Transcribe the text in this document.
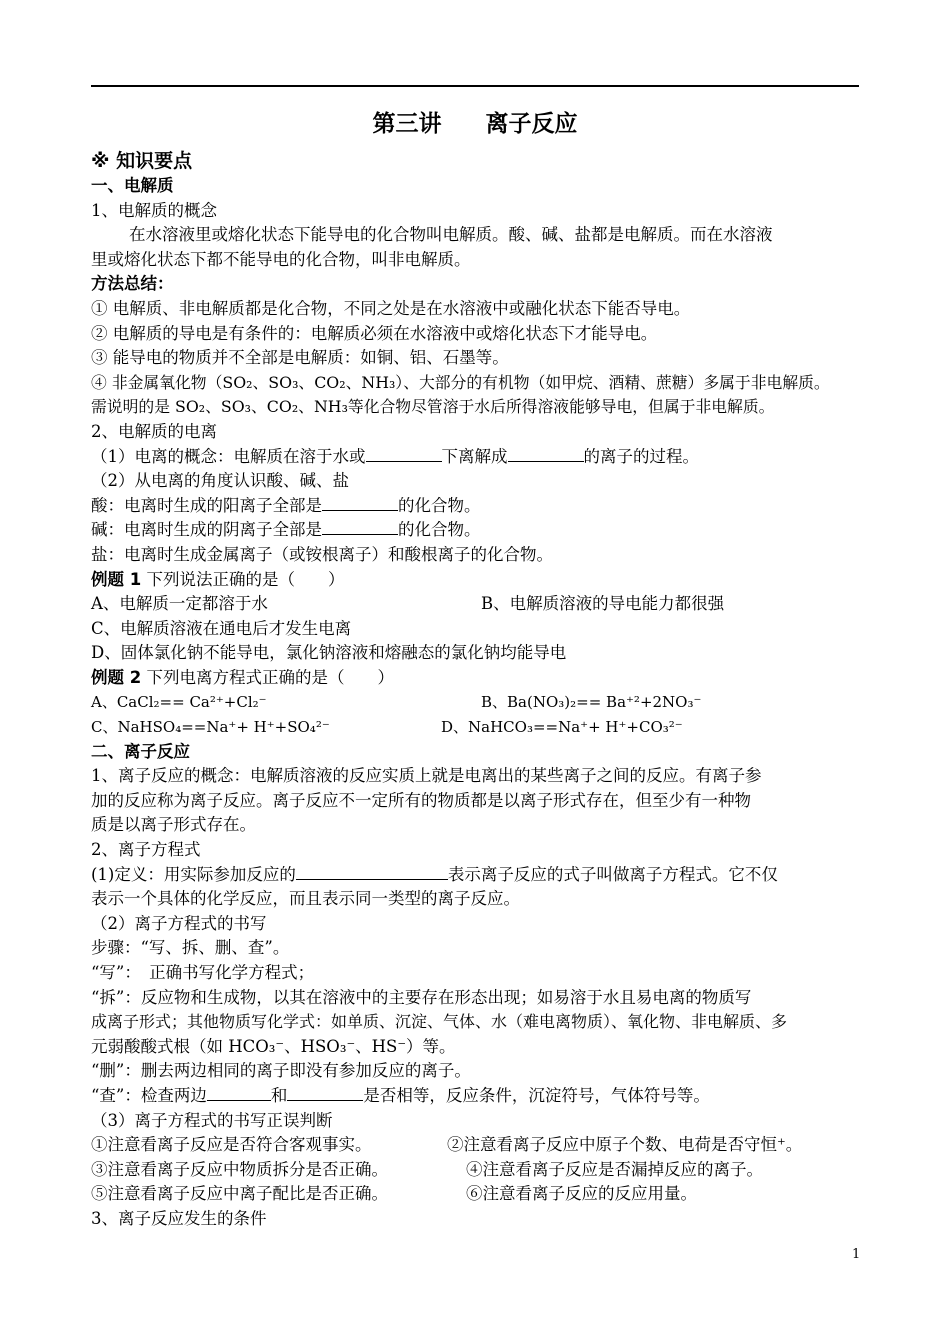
第三讲 离子反应
※ 知识要点
一、电解质
1、电解质的概念
在水溶液里或熔化状态下能导电的化合物叫电解质。酸、碱、盐都是电解质。而在水溶液
里或熔化状态下都不能导电的化合物，叫非电解质。
方法总结：
① 电解质、非电解质都是化合物，不同之处是在水溶液中或融化状态下能否导电。
② 电解质的导电是有条件的：电解质必须在水溶液中或熔化状态下才能导电。
③ 能导电的物质并不全部是电解质：如铜、铝、石墨等。
④ 非金属氧化物（SO₂、SO₃、CO₂、NH₃）、大部分的有机物（如甲烷、酒精、蔗糖）多属于非电解质。
需说明的是 SO₂、SO₃、CO₂、NH₃等化合物尽管溶于水后所得溶液能够导电，但属于非电解质。
2、电解质的电离
（1）电离的概念：电解质在溶于水或	下离解成	的离子的过程。
（2）从电离的角度认识酸、碱、盐
酸：电离时生成的阳离子全部是	的化合物。
碱：电离时生成的阴离子全部是	的化合物。
盐：电离时生成金属离子（或铵根离子）和酸根离子的化合物。
例题 1 下列说法正确的是（　　）
A、电解质一定都溶于水	B、电解质溶液的导电能力都很强
C、电解质溶液在通电后才发生电离
D、固体氯化钠不能导电，氯化钠溶液和熔融态的氯化钠均能导电
例题 2 下列电离方程式正确的是（　　）
A、CaCl₂== Ca²⁺+Cl₂⁻	B、Ba(NO₃)₂== Ba⁺²+2NO₃⁻
C、NaHSO₄==Na⁺+ H⁺+SO₄²⁻	D、NaHCO₃==Na⁺+ H⁺+CO₃²⁻
二、离子反应
1、离子反应的概念：电解质溶液的反应实质上就是电离出的某些离子之间的反应。有离子参
加的反应称为离子反应。离子反应不一定所有的物质都是以离子形式存在，但至少有一种物
质是以离子形式存在。
2、离子方程式
(1)定义：用实际参加反应的	表示离子反应的式子叫做离子方程式。它不仅
表示一个具体的化学反应，而且表示同一类型的离子反应。
（2）离子方程式的书写
步骤：“写、拆、删、查”。
“写”：　正确书写化学方程式；
“拆”：反应物和生成物，以其在溶液中的主要存在形态出现；如易溶于水且易电离的物质写
成离子形式；其他物质写化学式：如单质、沉淀、气体、水（难电离物质）、氧化物、非电解质、多
元弱酸酸式根（如 HCO₃⁻、HSO₃⁻、HS⁻）等。
“删”：删去两边相同的离子即没有参加反应的离子。
“查”：检查两边	和	是否相等，反应条件，沉淀符号，气体符号等。
（3）离子方程式的书写正误判断
①注意看离子反应是否符合客观事实。	②注意看离子反应中原子个数、电荷是否守恒⁺。
③注意看离子反应中物质拆分是否正确。	④注意看离子反应是否漏掉反应的离子。
⑤注意看离子反应中离子配比是否正确。	⑥注意看离子反应的反应用量。
3、离子反应发生的条件
1
